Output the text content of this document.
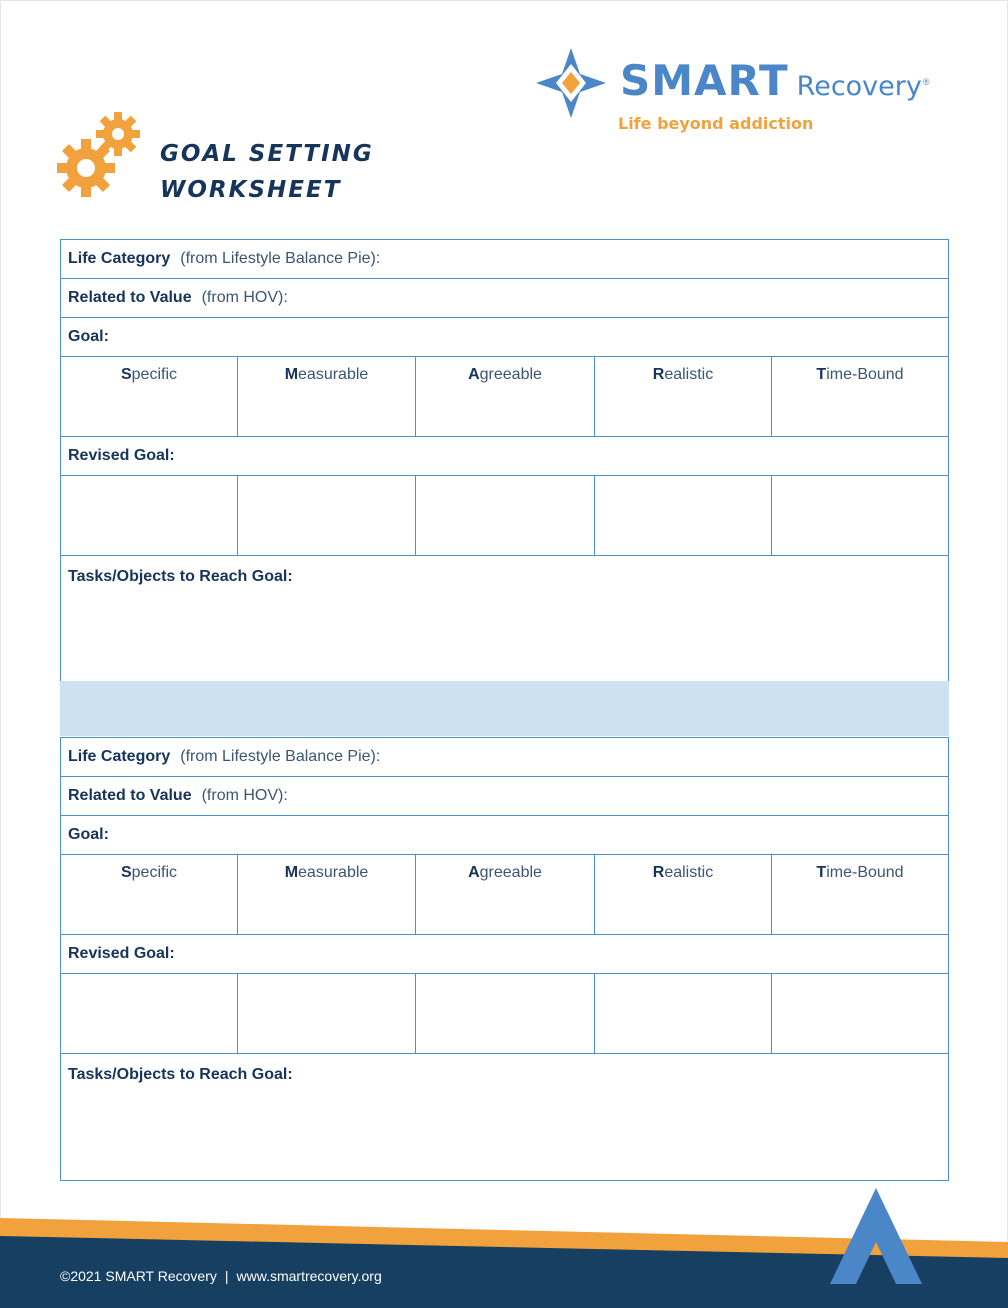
GOAL SETTING
WORKSHEET
SMART Recovery®
Life beyond addiction
Life Category (from Lifestyle Balance Pie):
Related to Value (from HOV):
Goal:
Specific	Measurable	Agreeable	Realistic	Time-Bound
Revised Goal:
Tasks/Objects to Reach Goal:
Life Category (from Lifestyle Balance Pie):
Related to Value (from HOV):
Goal:
Specific	Measurable	Agreeable	Realistic	Time-Bound
Revised Goal:
Tasks/Objects to Reach Goal:
©2021 SMART Recovery | www.smartrecovery.org
